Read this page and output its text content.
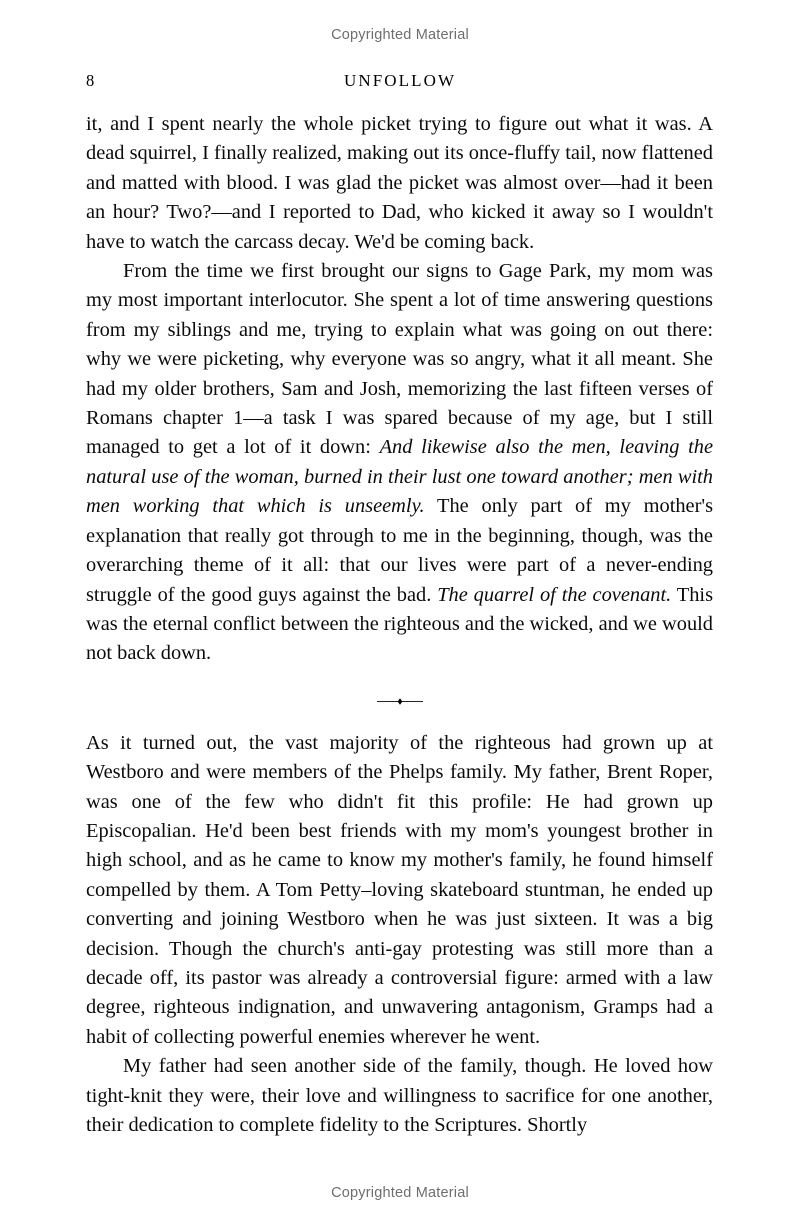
Copyrighted Material
8	UNFOLLOW

it, and I spent nearly the whole picket trying to figure out what it was. A dead squirrel, I finally realized, making out its once-fluffy tail, now flattened and matted with blood. I was glad the picket was almost over—had it been an hour? Two?—and I reported to Dad, who kicked it away so I wouldn't have to watch the carcass decay. We'd be coming back.

From the time we first brought our signs to Gage Park, my mom was my most important interlocutor. She spent a lot of time answering questions from my siblings and me, trying to explain what was going on out there: why we were picketing, why everyone was so angry, what it all meant. She had my older brothers, Sam and Josh, memorizing the last fifteen verses of Romans chapter 1—a task I was spared because of my age, but I still managed to get a lot of it down: And likewise also the men, leaving the natural use of the woman, burned in their lust one toward another; men with men working that which is unseemly. The only part of my mother's explanation that really got through to me in the beginning, though, was the overarching theme of it all: that our lives were part of a never-ending struggle of the good guys against the bad. The quarrel of the covenant. This was the eternal conflict between the righteous and the wicked, and we would not back down.

As it turned out, the vast majority of the righteous had grown up at Westboro and were members of the Phelps family. My father, Brent Roper, was one of the few who didn't fit this profile: He had grown up Episcopalian. He'd been best friends with my mom's youngest brother in high school, and as he came to know my mother's family, he found himself compelled by them. A Tom Petty–loving skateboard stuntman, he ended up converting and joining Westboro when he was just sixteen. It was a big decision. Though the church's anti-gay protesting was still more than a decade off, its pastor was already a controversial figure: armed with a law degree, righteous indignation, and unwavering antagonism, Gramps had a habit of collecting powerful enemies wherever he went.

My father had seen another side of the family, though. He loved how tight-knit they were, their love and willingness to sacrifice for one another, their dedication to complete fidelity to the Scriptures. Shortly

Copyrighted Material
